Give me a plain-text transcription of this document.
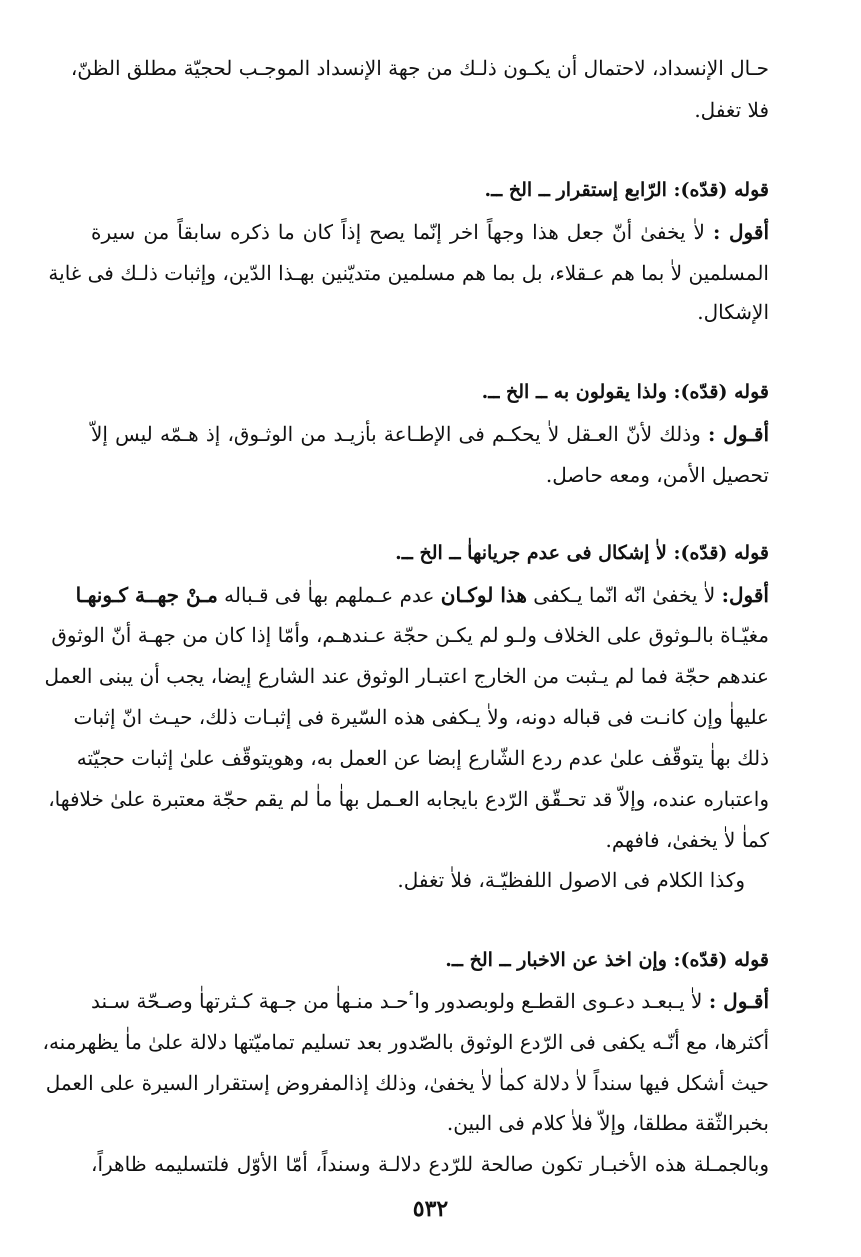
حـال الإنسداد، لاحتمال أن يكـون ذلـك من جهة الإنسداد الموجـب لحجيّة مطلق الظنّ،

فلا تغفل.

قوله (قدّه): الرّابع إستقرار ــ الخ ــ.

أقول : لاٰ يخفىٰ أنّ جعل هذا وجهاً اخر إنّما يصح إذاً كان ما ذكره سابقاً من سيرة

المسلمين لاٰ بما هم عـقلاء، بل بما هم مسلمين متديّنين بهـذا الدّين، وإثبات ذلـك فى غاية

الإشكال.

قوله (قدّه): ولذا يقولون به ــ الخ ــ.

أقـول : وذلك لأنّ العـقل لاٰ يحكـم فى الإطـاعة بأزيـد من الوثـوق، إذ هـمّه ليس إلاّ

تحصيل الأمن، ومعه حاصل.

قوله (قدّه): لاٰ إشكال فى عدم جريانهاٰ ــ الخ ــ.

أقول: لاٰ يخفىٰ انّه انّما يـكفى هذا لوكـان عدم عـملهم بهاٰ فى قـباله مـنْ جهــة كـونهـا

مغيّـاة بالـوثوق على الخلاف ولـو لم يكـن حجّة عـندهـم، وأمّا إذا كان من جهـة أنّ الوثوق

عندهم حجّة فما لم يـثبت من الخارج اعتبـار الوثوق عند الشارع إيضا، يجب أن يبنى العمل

عليهاٰ وإن كانـت فى قباله دونه، ولاٰ يـكفى هذه السّيرة فى إثبـات ذلك، حيـث انّ إثبات

ذلك بهاٰ يتوقّف علىٰ عدم ردع الشّارع إبضا عن العمل به، وهويتوقّف علىٰ إثبات حجيّته

واعتباره عنده، وإلاّ قد تحـقّق الرّدع بايجابه العـمل بهاٰ ماٰ لم يقم حجّة معتبرة علىٰ خلافها،

كماٰ لاٰ يخفىٰ، فافهم.

وكذا الكلام فى الاصول اللفظيّـة، فلاٰ تغفل.

قوله (قدّه): وإن اخذ عن الاخبار ــ الخ ــ.

أقـول : لاٰ يـبعـد دعـوى القطـع ولوبصدور واٴحـد منـهاٰ من جـهة كـثرتهاٰ وصـحّة سـند

أكثرها، مع أنّـه يكفى فى الرّدع الوثوق بالصّدور بعد تسليم تماميّتها دلالة علىٰ ماٰ يظهرمنه،

حيث أشكل فيها سنداً لاٰ دلالة كماٰ لاٰ يخفىٰ، وذلك إذالمفروض إستقرار السيرة على العمل

بخبرالثّقة مطلقا، وإلاّ فلاٰ كلام فى البين.

وبالجمـلة هذه الأخبـار تكون صالحة للرّدع دلالـة وسنداً، أمّا الأوّل فلتسليمه ظاهراً،

٥٣٢
